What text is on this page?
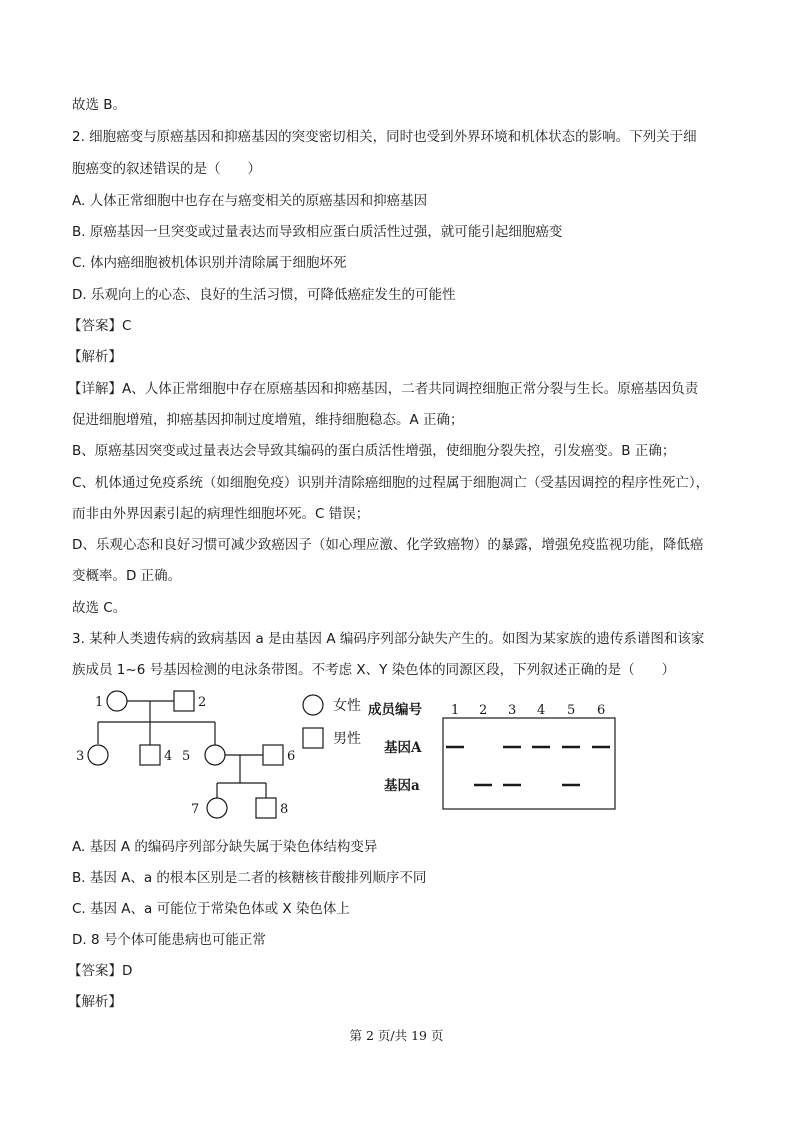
故选 B。
2. 细胞癌变与原癌基因和抑癌基因的突变密切相关，同时也受到外界环境和机体状态的影响。下列关于细
胞癌变的叙述错误的是（　　）
A. 人体正常细胞中也存在与癌变相关的原癌基因和抑癌基因
B. 原癌基因一旦突变或过量表达而导致相应蛋白质活性过强，就可能引起细胞癌变
C. 体内癌细胞被机体识别并清除属于细胞坏死
D. 乐观向上的心态、良好的生活习惯，可降低癌症发生的可能性
【答案】C
【解析】
【详解】A、人体正常细胞中存在原癌基因和抑癌基因，二者共同调控细胞正常分裂与生长。原癌基因负责
促进细胞增殖，抑癌基因抑制过度增殖，维持细胞稳态。A 正确；
B、原癌基因突变或过量表达会导致其编码的蛋白质活性增强，使细胞分裂失控，引发癌变。B 正确；
C、机体通过免疫系统（如细胞免疫）识别并清除癌细胞的过程属于细胞凋亡（受基因调控的程序性死亡），
而非由外界因素引起的病理性细胞坏死。C 错误；
D、乐观心态和良好习惯可减少致癌因子（如心理应激、化学致癌物）的暴露，增强免疫监视功能，降低癌
变概率。D 正确。
故选 C。
3. 某种人类遗传病的致病基因 a 是由基因 A 编码序列部分缺失产生的。如图为某家族的遗传系谱图和该家
族成员 1~6 号基因检测的电泳条带图。不考虑 X、Y 染色体的同源区段，下列叙述正确的是（　　）
1	2
3	4 5	6
7	8
女性
男性
成员编号
基因A
基因a
1 2 3 4 5 6
A. 基因 A 的编码序列部分缺失属于染色体结构变异
B. 基因 A、a 的根本区别是二者的核糖核苷酸排列顺序不同
C. 基因 A、a 可能位于常染色体或 X 染色体上
D. 8 号个体可能患病也可能正常
【答案】D
【解析】
第 2 页/共 19 页
